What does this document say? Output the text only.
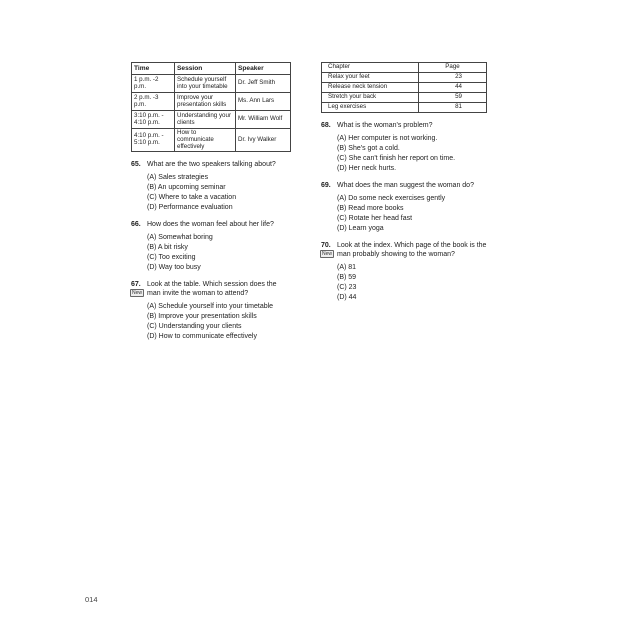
Time	Session	Speaker
1 p.m. -2 p.m.	Schedule yourself into your timetable	Dr. Jeff Smith
2 p.m. -3 p.m.	Improve your presentation skills	Ms. Ann Lars
3:10 p.m. - 4:10 p.m.	Understanding your clients	Mr. William Wolf
4:10 p.m. - 5:10 p.m.	How to communicate effectively	Dr. Ivy Walker
65. What are the two speakers talking about?
(A) Sales strategies
(B) An upcoming seminar
(C) Where to take a vacation
(D) Performance evaluation
66. How does the woman feel about her life?
(A) Somewhat boring
(B) A bit risky
(C) Too exciting
(D) Way too busy
67.
New
Look at the table. Which session does the man invite the woman to attend?
(A) Schedule yourself into your timetable
(B) Improve your presentation skills
(C) Understanding your clients
(D) How to communicate effectively
Chapter	Page
Relax your feet	23
Release neck tension	44
Stretch your back	59
Leg exercises	81
68. What is the woman's problem?
(A) Her computer is not working.
(B) She's got a cold.
(C) She can't finish her report on time.
(D) Her neck hurts.
69. What does the man suggest the woman do?
(A) Do some neck exercises gently
(B) Read more books
(C) Rotate her head fast
(D) Learn yoga
70.
New
Look at the index. Which page of the book is the man probably showing to the woman?
(A) 81
(B) 59
(C) 23
(D) 44
014
